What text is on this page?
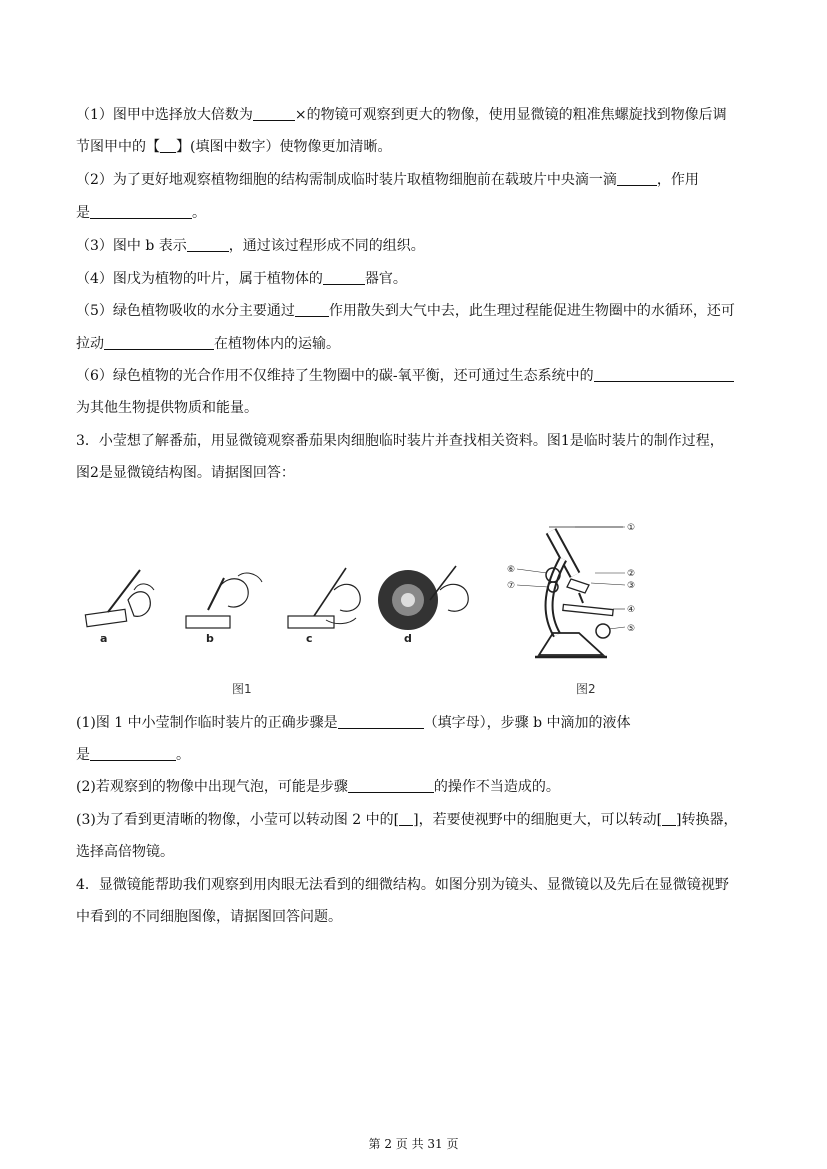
（1）图甲中选择放大倍数为	×的物镜可观察到更大的物像，使用显微镜的粗准焦螺旋找到物像后调
节图甲中的【 】(填图中数字）使物像更加清晰。
（2）为了更好地观察植物细胞的结构需制成临时装片取植物细胞前在载玻片中央滴一滴	，作用
是	。
（3）图中 b 表示	，通过该过程形成不同的组织。
（4）图戊为植物的叶片，属于植物体的	器官。
（5）绿色植物吸收的水分主要通过 作用散失到大气中去，此生理过程能促进生物圈中的水循环，还可
拉动	在植物体内的运输。
（6）绿色植物的光合作用不仅维持了生物圈中的碳-氧平衡，还可通过生态系统中的
为其他生物提供物质和能量。
3．小莹想了解番茄，用显微镜观察番茄果肉细胞临时装片并查找相关资料。图1是临时装片的制作过程，
图2是显微镜结构图。请据图回答：
a	b	c	d
图1
①
②
③
④
⑤
⑥
⑦
图2
(1)图 1 中小莹制作临时装片的正确步骤是	（填字母），步骤 b 中滴加的液体
是	。
(2)若观察到的物像中出现气泡，可能是步骤	的操作不当造成的。
(3)为了看到更清晰的物像，小莹可以转动图 2 中的[ ]，若要使视野中的细胞更大，可以转动[ ]转换器，
选择高倍物镜。
4．显微镜能帮助我们观察到用肉眼无法看到的细微结构。如图分别为镜头、显微镜以及先后在显微镜视野
中看到的不同细胞图像，请据图回答问题。
第 2 页 共 31 页
